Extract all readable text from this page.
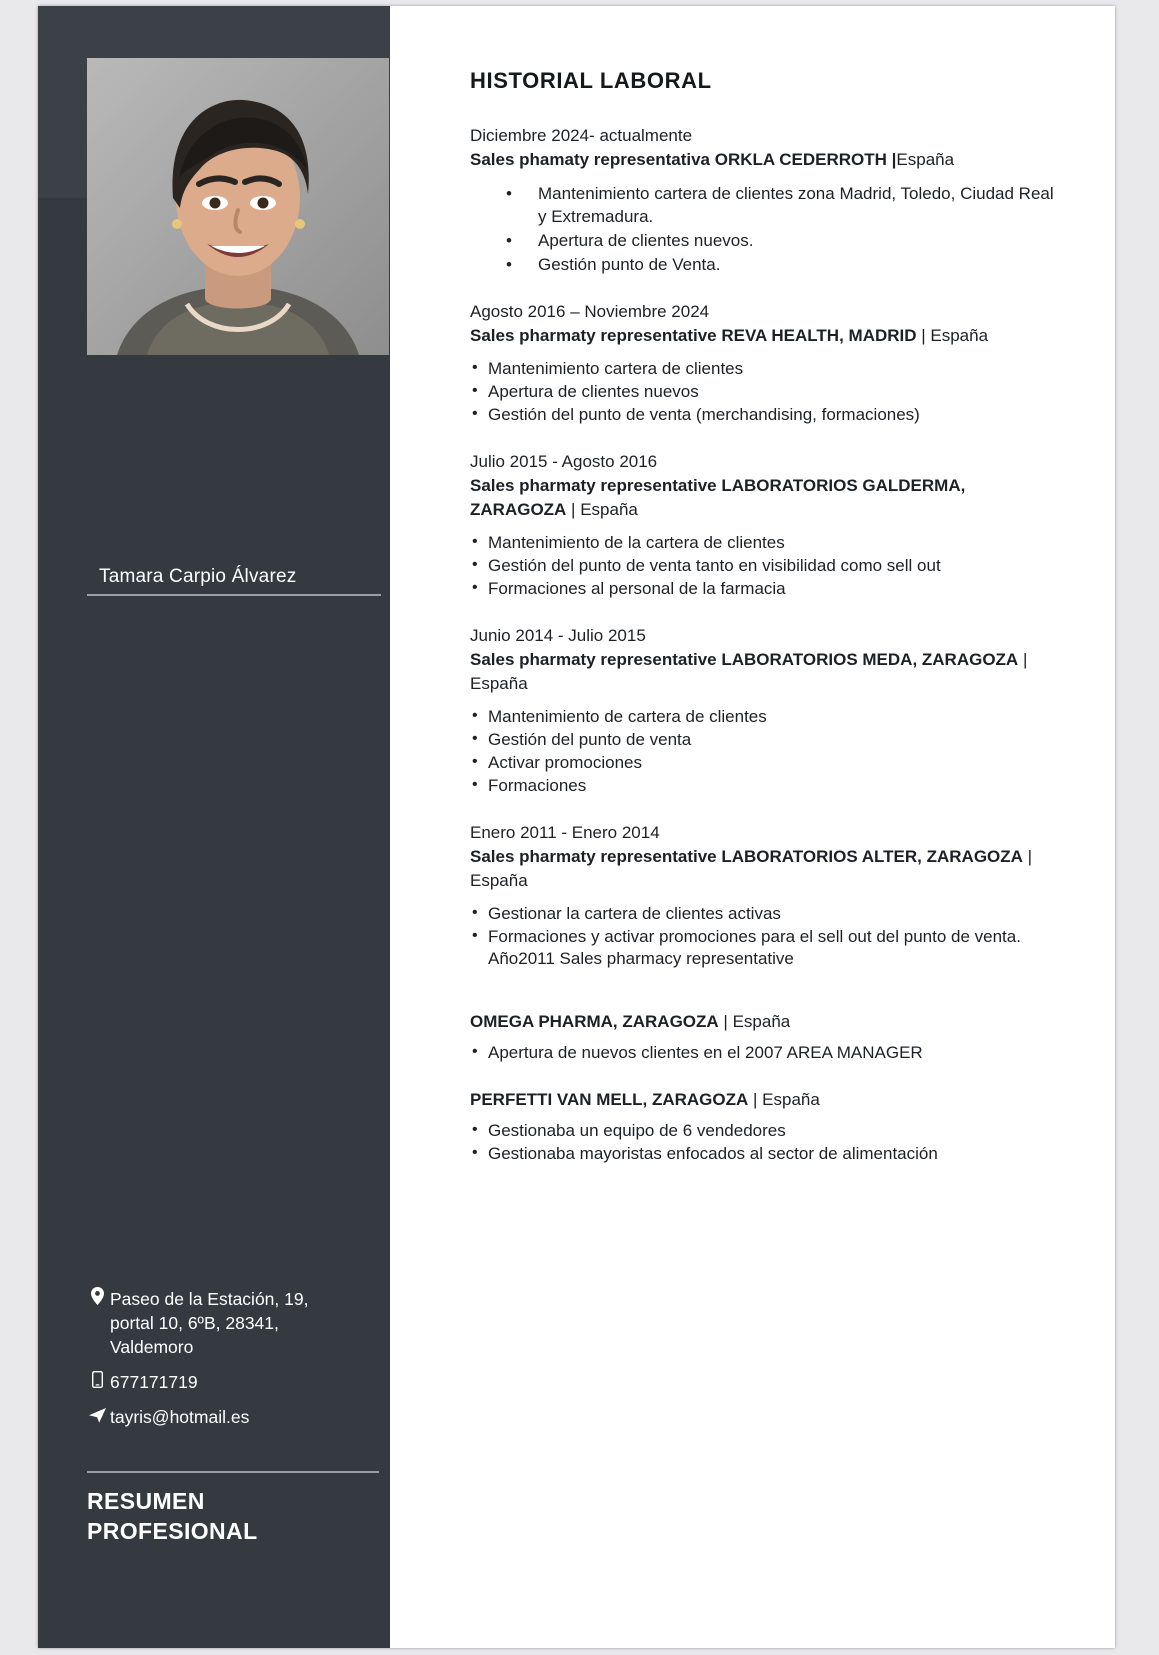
Tamara Carpio Álvarez
Paseo de la Estación, 19,
portal 10, 6ºB, 28341,
Valdemoro
677171719
tayris@hotmail.es
RESUMEN
PROFESIONAL
HISTORIAL LABORAL
Diciembre 2024- actualmente
Sales phamaty representativa ORKLA CEDERROTH |España
• Mantenimiento cartera de clientes zona Madrid, Toledo, Ciudad Real y Extremadura.
• Apertura de clientes nuevos.
• Gestión punto de Venta.
Agosto 2016 – Noviembre 2024
Sales pharmaty representative REVA HEALTH, MADRID | España
• Mantenimiento cartera de clientes
• Apertura de clientes nuevos
• Gestión del punto de venta (merchandising, formaciones)
Julio 2015 - Agosto 2016
Sales pharmaty representative LABORATORIOS GALDERMA, ZARAGOZA | España
• Mantenimiento de la cartera de clientes
• Gestión del punto de venta tanto en visibilidad como sell out
• Formaciones al personal de la farmacia
Junio 2014 - Julio 2015
Sales pharmaty representative LABORATORIOS MEDA, ZARAGOZA | España
• Mantenimiento de cartera de clientes
• Gestión del punto de venta
• Activar promociones
• Formaciones
Enero 2011 - Enero 2014
Sales pharmaty representative LABORATORIOS ALTER, ZARAGOZA | España
• Gestionar la cartera de clientes activas
• Formaciones y activar promociones para el sell out del punto de venta. Año2011 Sales pharmacy representative
OMEGA PHARMA, ZARAGOZA | España
• Apertura de nuevos clientes en el 2007 AREA MANAGER
PERFETTI VAN MELL, ZARAGOZA | España
• Gestionaba un equipo de 6 vendedores
• Gestionaba mayoristas enfocados al sector de alimentación
